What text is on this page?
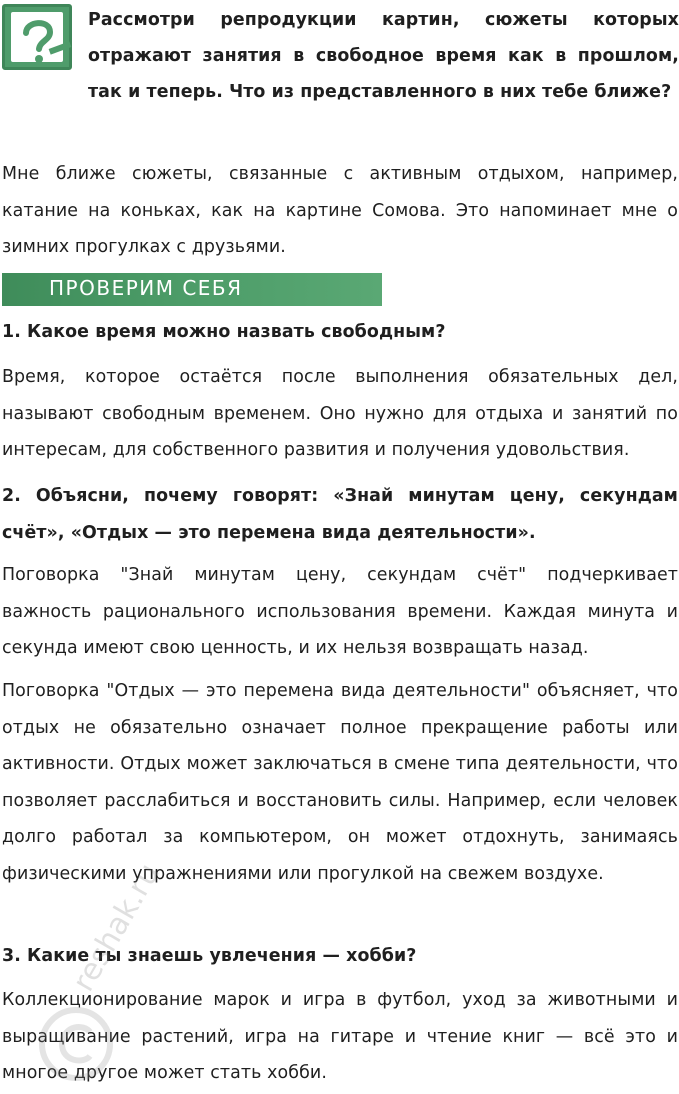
Рассмотри репродукции картин, сюжеты которых отражают занятия в свободное время как в прошлом, так и теперь. Что из представленного в них тебе ближе?
Мне ближе сюжеты, связанные с активным отдыхом, например, катание на коньках, как на картине Сомова. Это напоминает мне о зимних прогулках с друзьями.
ПРОВЕРИМ СЕБЯ
1. Какое время можно назвать свободным?
Время, которое остаётся после выполнения обязательных дел, называют свободным временем. Оно нужно для отдыха и занятий по интересам, для собственного развития и получения удовольствия.
2. Объясни, почему говорят: «Знай минутам цену, секундам счёт», «Отдых — это перемена вида деятельности».
Поговорка "Знай минутам цену, секундам счёт" подчеркивает важность рационального использования времени. Каждая минута и секунда имеют свою ценность, и их нельзя возвращать назад.
Поговорка "Отдых — это перемена вида деятельности" объясняет, что отдых не обязательно означает полное прекращение работы или активности. Отдых может заключаться в смене типа деятельности, что позволяет расслабиться и восстановить силы. Например, если человек долго работал за компьютером, он может отдохнуть, занимаясь физическими упражнениями или прогулкой на свежем воздухе.
3. Какие ты знаешь увлечения — хобби?
Коллекционирование марок и игра в футбол, уход за животными и выращивание растений, игра на гитаре и чтение книг — всё это и многое другое может стать хобби.
reshak.ru
